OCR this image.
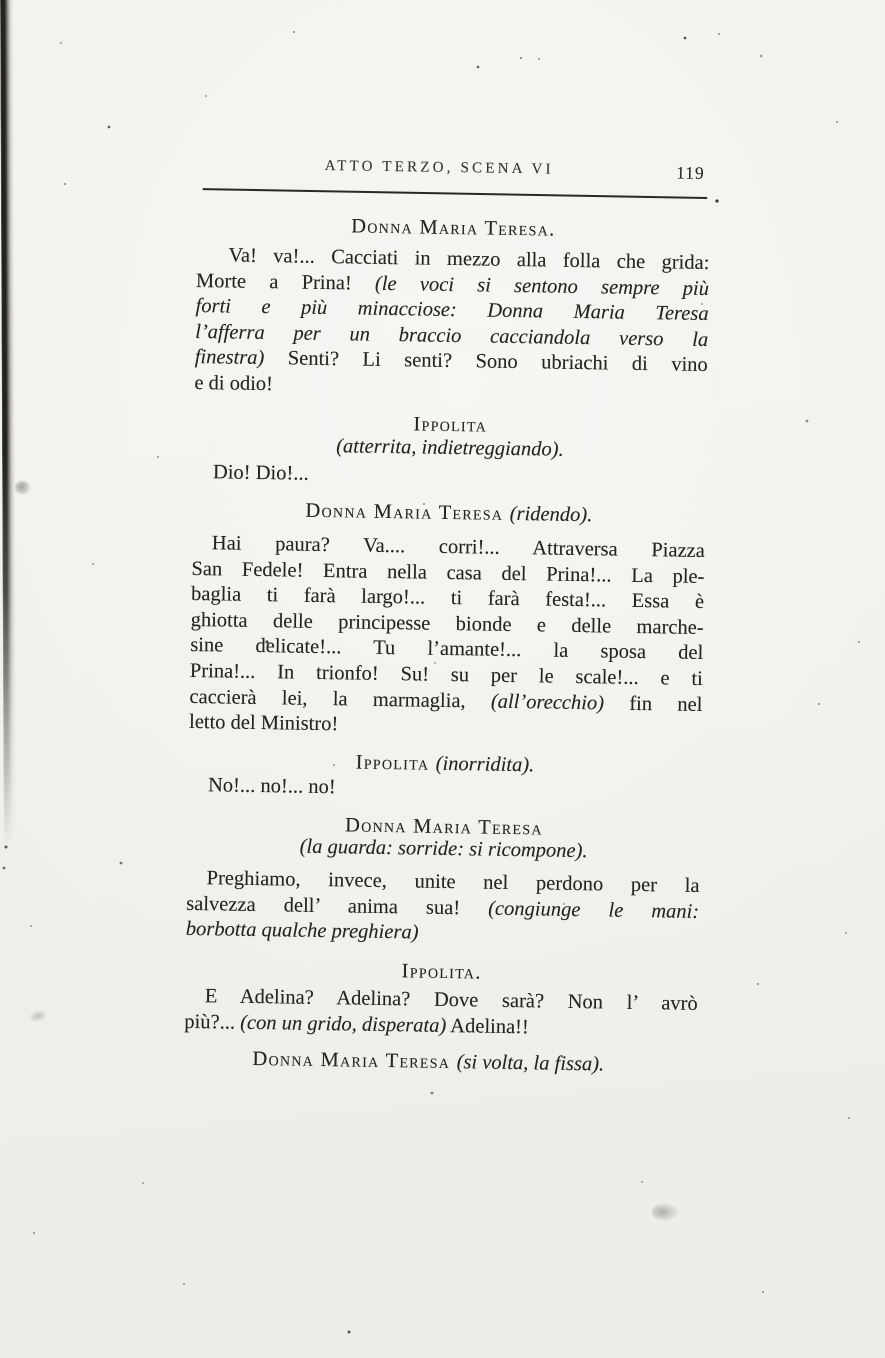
ATTO TERZO, SCENA VI	119
Donna Maria Teresa.
Va! va!... Cacciati in mezzo alla folla che grida:
Morte a Prina! (le voci si sentono sempre più
forti e più minacciose: Donna Maria Teresa
l’afferra per un braccio cacciandola verso la
finestra) Senti? Li senti? Sono ubriachi di vino
e di odio!
Ippolita
(atterrita, indietreggiando).
Dio! Dio!...
Donna Maria Teresa (ridendo).
Hai paura? Va.... corri!... Attraversa Piazza
San Fedele! Entra nella casa del Prina!... La ple-
baglia ti farà largo!... ti farà festa!... Essa è
ghiotta delle principesse bionde e delle marche-
sine delicate!... Tu l’amante!... la sposa del
Prina!... In trionfo! Su! su per le scale!... e ti
caccierà lei, la marmaglia, (all’orecchio) fin nel
letto del Ministro!
Ippolita (inorridita).
No!... no!... no!
Donna Maria Teresa
(la guarda: sorride: si ricompone).
Preghiamo, invece, unite nel perdono per la
salvezza dell’ anima sua! (congiunge le mani:
borbotta qualche preghiera)
Ippolita.
E Adelina? Adelina? Dove sarà? Non l’ avrò
più?... (con un grido, disperata) Adelina!!
Donna Maria Teresa (si volta, la fissa).
